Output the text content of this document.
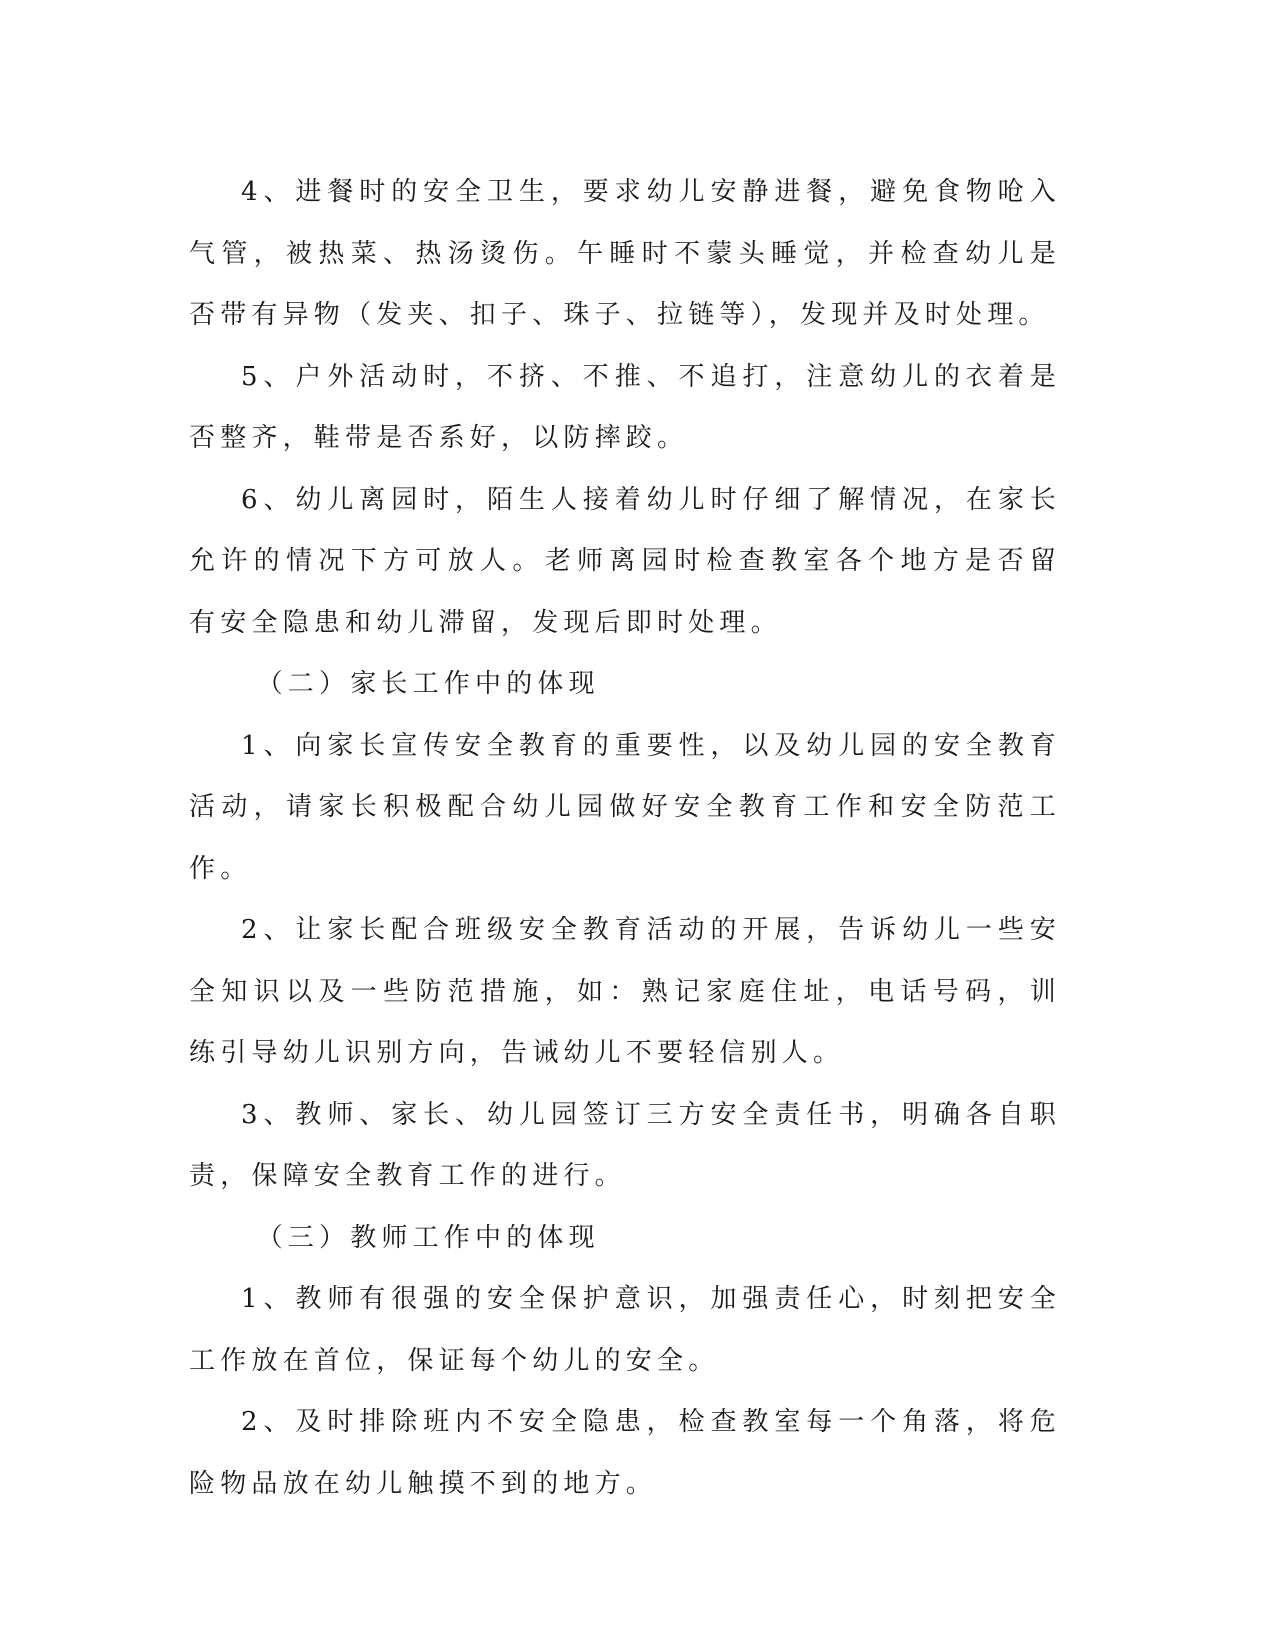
4、进餐时的安全卫生，要求幼儿安静进餐，避免食物呛入气管，被热菜、热汤烫伤。午睡时不蒙头睡觉，并检查幼儿是否带有异物（发夹、扣子、珠子、拉链等），发现并及时处理。

5、户外活动时，不挤、不推、不追打，注意幼儿的衣着是否整齐，鞋带是否系好，以防摔跤。

6、幼儿离园时，陌生人接着幼儿时仔细了解情况，在家长允许的情况下方可放人。老师离园时检查教室各个地方是否留有安全隐患和幼儿滞留，发现后即时处理。

（二）家长工作中的体现

1、向家长宣传安全教育的重要性，以及幼儿园的安全教育活动，请家长积极配合幼儿园做好安全教育工作和安全防范工作。

2、让家长配合班级安全教育活动的开展，告诉幼儿一些安全知识以及一些防范措施，如：熟记家庭住址，电话号码，训练引导幼儿识别方向，告诫幼儿不要轻信别人。

3、教师、家长、幼儿园签订三方安全责任书，明确各自职责，保障安全教育工作的进行。

（三）教师工作中的体现

1、教师有很强的安全保护意识，加强责任心，时刻把安全工作放在首位，保证每个幼儿的安全。

2、及时排除班内不安全隐患，检查教室每一个角落，将危险物品放在幼儿触摸不到的地方。
